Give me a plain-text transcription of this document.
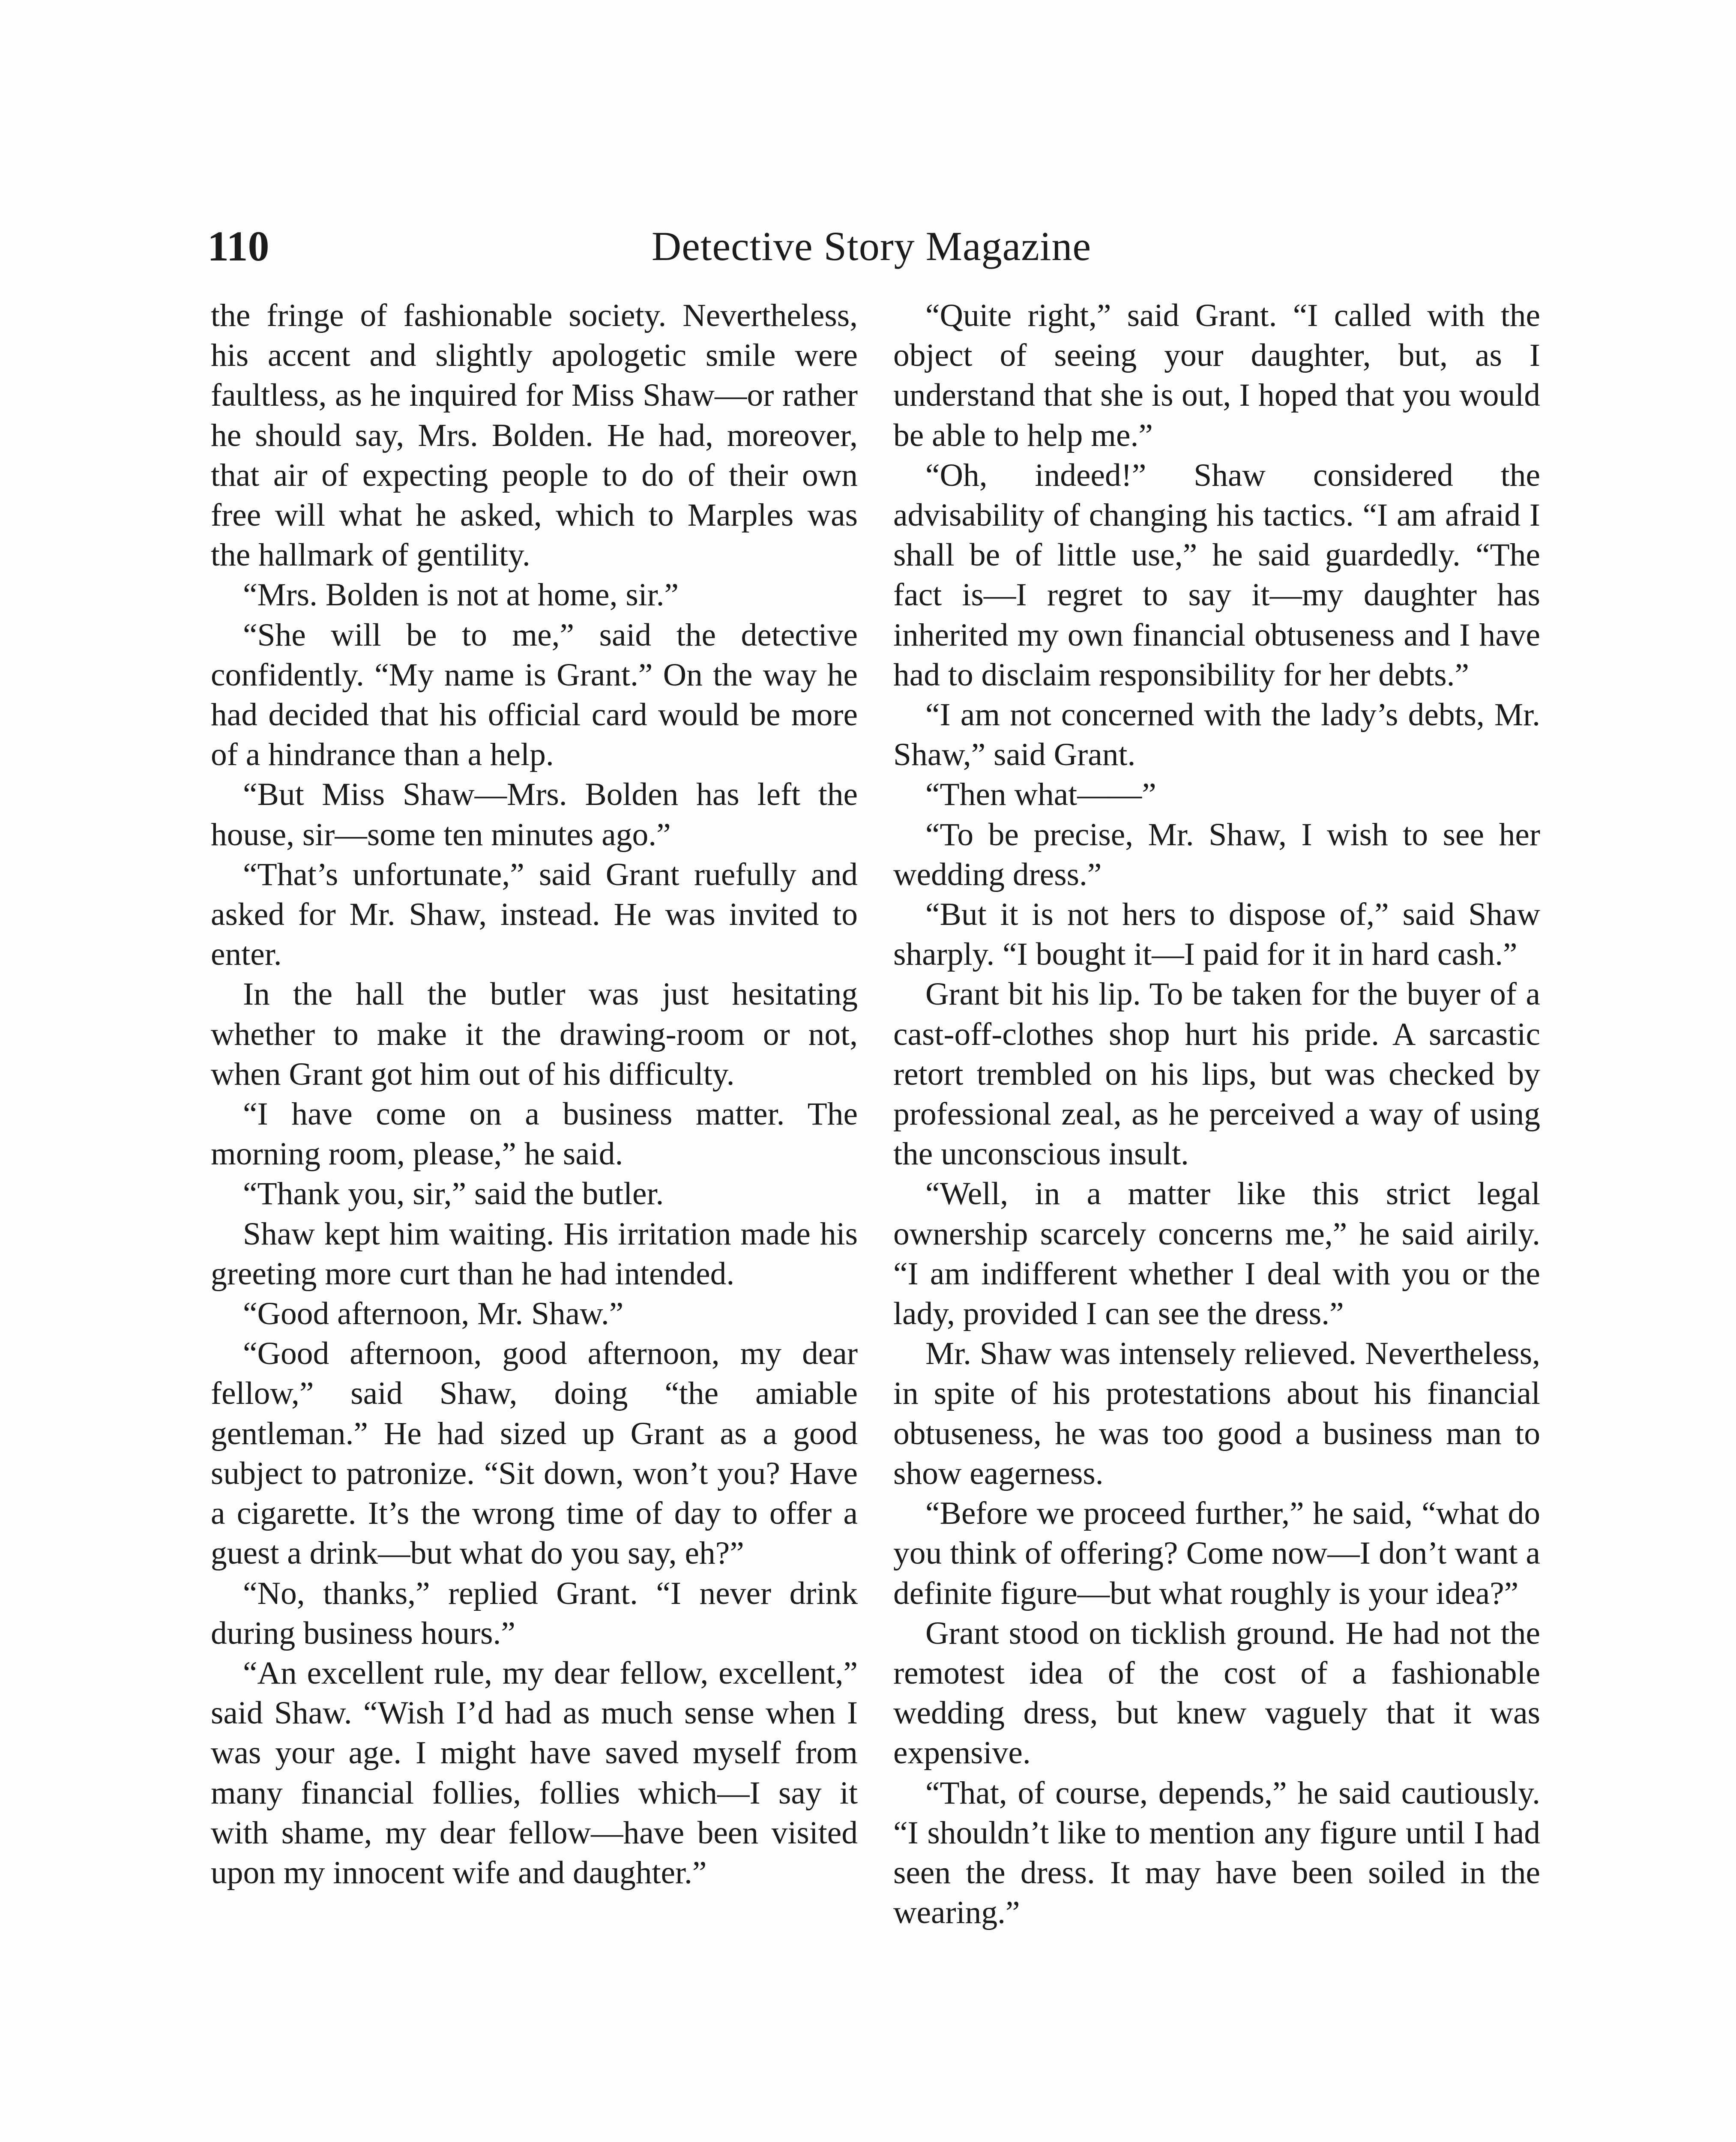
110	Detective Story Magazine

the fringe of fashionable society. Nevertheless, his accent and slightly apologetic smile were faultless, as he inquired for Miss Shaw—or rather he should say, Mrs. Bolden. He had, moreover, that air of expecting people to do of their own free will what he asked, which to Marples was the hallmark of gentility.

“Mrs. Bolden is not at home, sir.”

“She will be to me,” said the detective confidently. “My name is Grant.” On the way he had decided that his official card would be more of a hindrance than a help.

“But Miss Shaw—Mrs. Bolden has left the house, sir—some ten minutes ago.”

“That’s unfortunate,” said Grant ruefully and asked for Mr. Shaw, instead. He was invited to enter.

In the hall the butler was just hesitating whether to make it the drawing-room or not, when Grant got him out of his difficulty.

“I have come on a business matter. The morning room, please,” he said.

“Thank you, sir,” said the butler.

Shaw kept him waiting. His irritation made his greeting more curt than he had intended.

“Good afternoon, Mr. Shaw.”

“Good afternoon, good afternoon, my dear fellow,” said Shaw, doing “the amiable gentleman.” He had sized up Grant as a good subject to patronize. “Sit down, won’t you? Have a cigarette. It’s the wrong time of day to offer a guest a drink—but what do you say, eh?”

“No, thanks,” replied Grant. “I never drink during business hours.”

“An excellent rule, my dear fellow, excellent,” said Shaw. “Wish I’d had as much sense when I was your age. I might have saved myself from many financial follies, follies which—I say it with shame, my dear fellow—have been visited upon my innocent wife and daughter.”

“Quite right,” said Grant. “I called with the object of seeing your daughter, but, as I understand that she is out, I hoped that you would be able to help me.”

“Oh, indeed!” Shaw considered the advisability of changing his tactics. “I am afraid I shall be of little use,” he said guardedly. “The fact is—I regret to say it—my daughter has inherited my own financial obtuseness and I have had to disclaim responsibility for her debts.”

“I am not concerned with the lady’s debts, Mr. Shaw,” said Grant.

“Then what——”

“To be precise, Mr. Shaw, I wish to see her wedding dress.”

“But it is not hers to dispose of,” said Shaw sharply. “I bought it—I paid for it in hard cash.”

Grant bit his lip. To be taken for the buyer of a cast-off-clothes shop hurt his pride. A sarcastic retort trembled on his lips, but was checked by professional zeal, as he perceived a way of using the unconscious insult.

“Well, in a matter like this strict legal ownership scarcely concerns me,” he said airily. “I am indifferent whether I deal with you or the lady, provided I can see the dress.”

Mr. Shaw was intensely relieved. Nevertheless, in spite of his protestations about his financial obtuseness, he was too good a business man to show eagerness.

“Before we proceed further,” he said, “what do you think of offering? Come now—I don’t want a definite figure—but what roughly is your idea?”

Grant stood on ticklish ground. He had not the remotest idea of the cost of a fashionable wedding dress, but knew vaguely that it was expensive.

“That, of course, depends,” he said cautiously. “I shouldn’t like to mention any figure until I had seen the dress. It may have been soiled in the wearing.”
